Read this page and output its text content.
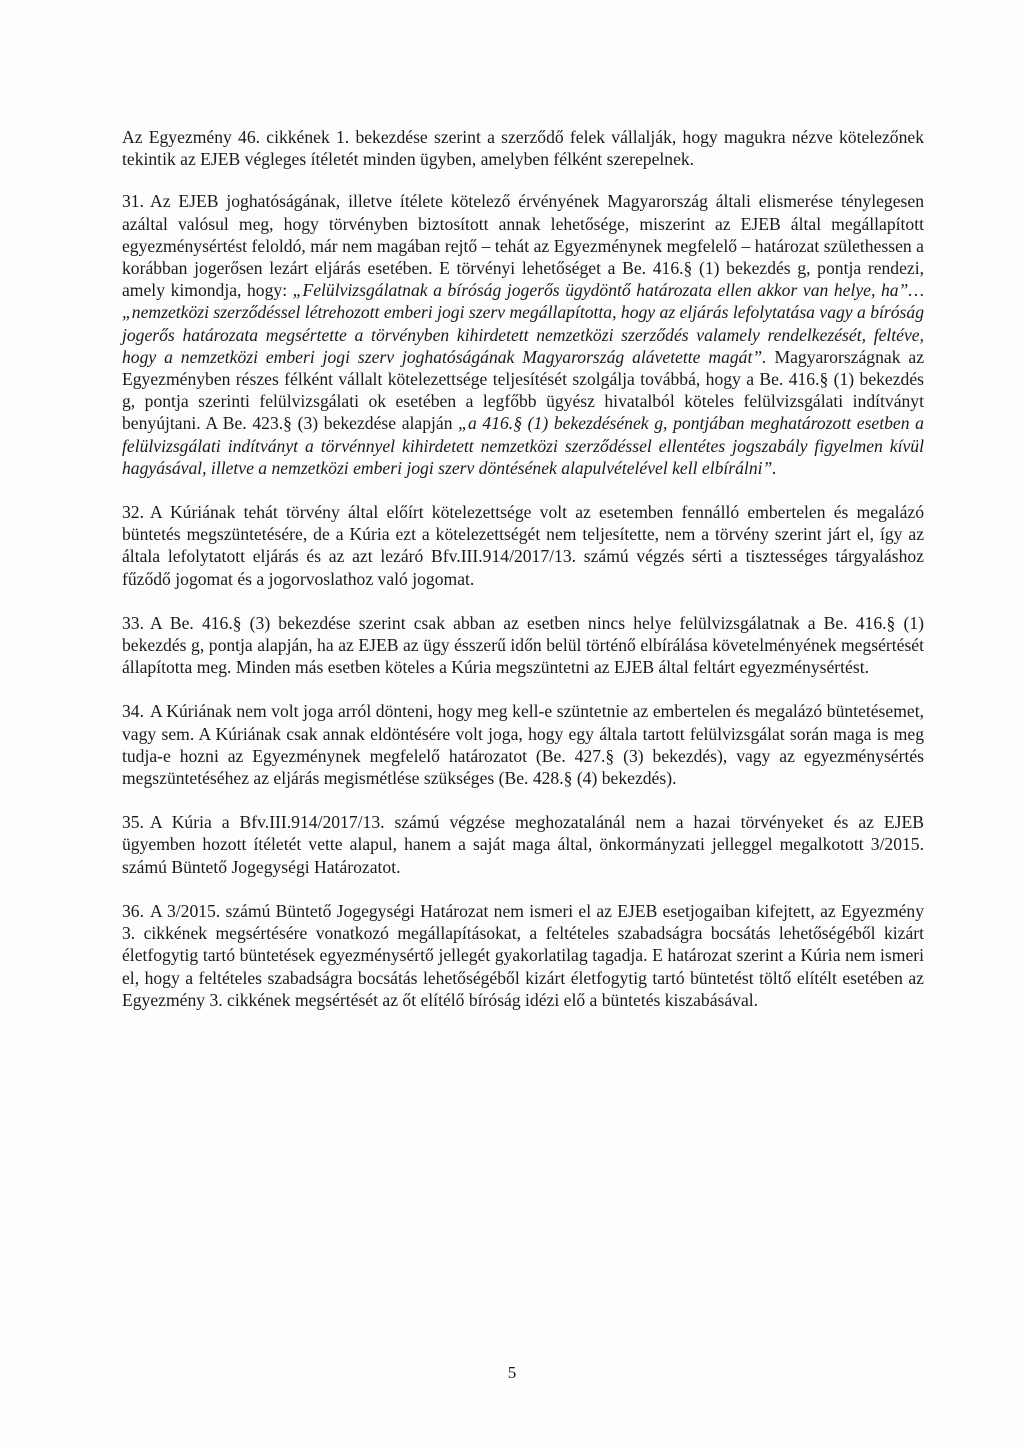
Az Egyezmény 46. cikkének 1. bekezdése szerint a szerződő felek vállalják, hogy magukra nézve kötelezőnek tekintik az EJEB végleges ítéletét minden ügyben, amelyben félként szerepelnek.

31. Az EJEB joghatóságának, illetve ítélete kötelező érvényének Magyarország általi elismerése ténylegesen azáltal valósul meg, hogy törvényben biztosított annak lehetősége, miszerint az EJEB által megállapított egyezménysértést feloldó, már nem magában rejtő – tehát az Egyezménynek megfelelő – határozat születhessen a korábban jogerősen lezárt eljárás esetében. E törvényi lehetőséget a Be. 416.§ (1) bekezdés g, pontja rendezi, amely kimondja, hogy: „Felülvizsgálatnak a bíróság jogerős ügydöntő határozata ellen akkor van helye, ha”… „nemzetközi szerződéssel létrehozott emberi jogi szerv megállapította, hogy az eljárás lefolytatása vagy a bíróság jogerős határozata megsértette a törvényben kihirdetett nemzetközi szerződés valamely rendelkezését, feltéve, hogy a nemzetközi emberi jogi szerv joghatóságának Magyarország alávetette magát”. Magyarországnak az Egyezményben részes félként vállalt kötelezettsége teljesítését szolgálja továbbá, hogy a Be. 416.§ (1) bekezdés g, pontja szerinti felülvizsgálati ok esetében a legfőbb ügyész hivatalból köteles felülvizsgálati indítványt benyújtani. A Be. 423.§ (3) bekezdése alapján „a 416.§ (1) bekezdésének g, pontjában meghatározott esetben a felülvizsgálati indítványt a törvénnyel kihirdetett nemzetközi szerződéssel ellentétes jogszabály figyelmen kívül hagyásával, illetve a nemzetközi emberi jogi szerv döntésének alapulvételével kell elbírálni”.

32. A Kúriának tehát törvény által előírt kötelezettsége volt az esetemben fennálló embertelen és megalázó büntetés megszüntetésére, de a Kúria ezt a kötelezettségét nem teljesítette, nem a törvény szerint járt el, így az általa lefolytatott eljárás és az azt lezáró Bfv.III.914/2017/13. számú végzés sérti a tisztességes tárgyaláshoz fűződő jogomat és a jogorvoslathoz való jogomat.

33. A Be. 416.§ (3) bekezdése szerint csak abban az esetben nincs helye felülvizsgálatnak a Be. 416.§ (1) bekezdés g, pontja alapján, ha az EJEB az ügy ésszerű időn belül történő elbírálása követelményének megsértését állapította meg. Minden más esetben köteles a Kúria megszüntetni az EJEB által feltárt egyezménysértést.

34. A Kúriának nem volt joga arról dönteni, hogy meg kell-e szüntetnie az embertelen és megalázó büntetésemet, vagy sem. A Kúriának csak annak eldöntésére volt joga, hogy egy általa tartott felülvizsgálat során maga is meg tudja-e hozni az Egyezménynek megfelelő határozatot (Be. 427.§ (3) bekezdés), vagy az egyezménysértés megszüntetéséhez az eljárás megismétlése szükséges (Be. 428.§ (4) bekezdés).

35. A Kúria a Bfv.III.914/2017/13. számú végzése meghozatalánál nem a hazai törvényeket és az EJEB ügyemben hozott ítéletét vette alapul, hanem a saját maga által, önkormányzati jelleggel megalkotott 3/2015. számú Büntető Jogegységi Határozatot.

36. A 3/2015. számú Büntető Jogegységi Határozat nem ismeri el az EJEB esetjogaiban kifejtett, az Egyezmény 3. cikkének megsértésére vonatkozó megállapításokat, a feltételes szabadságra bocsátás lehetőségéből kizárt életfogytig tartó büntetések egyezménysértő jellegét gyakorlatilag tagadja. E határozat szerint a Kúria nem ismeri el, hogy a feltételes szabadságra bocsátás lehetőségéből kizárt életfogytig tartó büntetést töltő elítélt esetében az Egyezmény 3. cikkének megsértését az őt elítélő bíróság idézi elő a büntetés kiszabásával.

5
